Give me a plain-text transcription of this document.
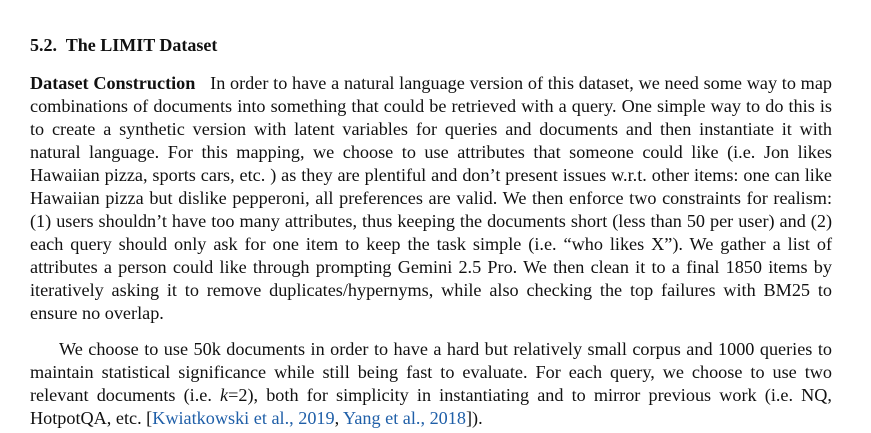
5.2. The LIMIT Dataset

Dataset Construction In order to have a natural language version of this dataset, we need some way to map combinations of documents into something that could be retrieved with a query. One simple way to do this is to create a synthetic version with latent variables for queries and documents and then instantiate it with natural language. For this mapping, we choose to use attributes that someone could like (i.e. Jon likes Hawaiian pizza, sports cars, etc. ) as they are plentiful and don’t present issues w.r.t. other items: one can like Hawaiian pizza but dislike pepperoni, all preferences are valid. We then enforce two constraints for realism: (1) users shouldn’t have too many attributes, thus keeping the documents short (less than 50 per user) and (2) each query should only ask for one item to keep the task simple (i.e. “who likes X”). We gather a list of attributes a person could like through prompting Gemini 2.5 Pro. We then clean it to a final 1850 items by iteratively asking it to remove duplicates/hypernyms, while also checking the top failures with BM25 to ensure no overlap.

We choose to use 50k documents in order to have a hard but relatively small corpus and 1000 queries to maintain statistical significance while still being fast to evaluate. For each query, we choose to use two relevant documents (i.e. k=2), both for simplicity in instantiating and to mirror previous work (i.e. NQ, HotpotQA, etc. [Kwiatkowski et al., 2019, Yang et al., 2018]).
